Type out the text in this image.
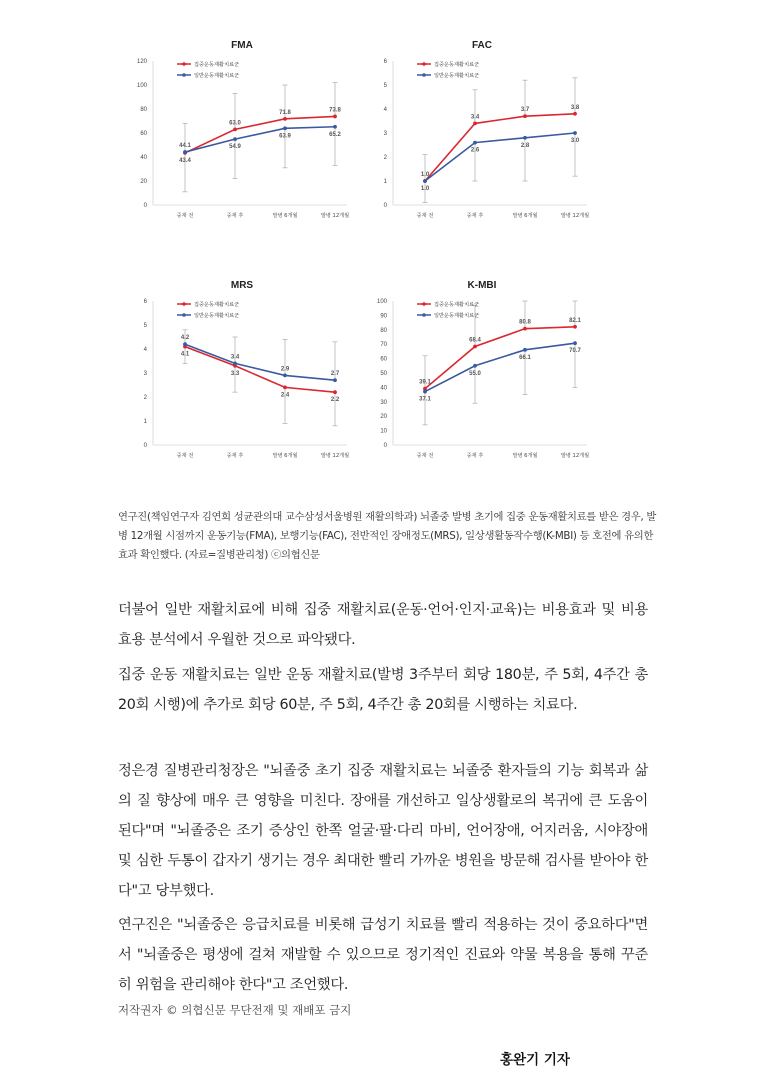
FMA
0
20
40
60
80
100
120
중재 전	중재 후	발병 6개월	발병 12개월
43.4
63.0
71.8	73.8
44.1	54.9
63.9	65.2
집중운동재활치료군
일반운동재활치료군
FAC
0
1
2
3
4
5
6
중재 전	중재 후	발병 6개월	발병 12개월
1.0
3.4
3.7	3.8
1.0
2.6
2.8
3.0
집중운동재활치료군
일반운동재활치료군
MRS
0
1
2
3
4
5
6
중재 전	중재 후	발병 6개월	발병 12개월
4.1
3.3
2.4
2.2
4.2
3.4
2.9
2.7
집중운동재활치료군
일반운동재활치료군
K-MBI
0
10
20
30
40
50
60
70
80
90
100
중재 전	중재 후	발병 6개월	발병 12개월
39.1
68.4
80.8	82.1
37.1
55.0
66.1
70.7
집중운동재활치료군
일반운동재활치료군
연구진(책임연구자 김연희 성균관의대 교수삼성서울병원 재활의학과) 뇌졸중 발병 초기에 집중 운동재활치료를 받은 경우, 발병 12개월 시점까지 운동기능(FMA), 보행기능(FAC), 전반적인 장애정도(MRS), 일상생활동작수행(K-MBI) 등 호전에 유의한 효과 확인했다. (자료=질병관리청) ⓒ의협신문
더불어 일반 재활치료에 비해 집중 재활치료(운동·언어·인지·교육)는 비용효과 및 비용효용 분석에서 우월한 것으로 파악됐다.
집중 운동 재활치료는 일반 운동 재활치료(발병 3주부터 회당 180분, 주 5회, 4주간 총 20회 시행)에 추가로 회당 60분, 주 5회, 4주간 총 20회를 시행하는 치료다.
정은경 질병관리청장은 "뇌졸중 초기 집중 재활치료는 뇌졸중 환자들의 기능 회복과 삶의 질 향상에 매우 큰 영향을 미친다. 장애를 개선하고 일상생활로의 복귀에 큰 도움이 된다"며 "뇌졸중은 조기 증상인 한쪽 얼굴·팔·다리 마비, 언어장애, 어지러움, 시야장애 및 심한 두통이 갑자기 생기는 경우 최대한 빨리 가까운 병원을 방문해 검사를 받아야 한다"고 당부했다.
연구진은 "뇌졸중은 응급치료를 비롯해 급성기 치료를 빨리 적용하는 것이 중요하다"면서 "뇌졸중은 평생에 걸쳐 재발할 수 있으므로 정기적인 진료와 약물 복용을 통해 꾸준히 위험을 관리해야 한다"고 조언했다.
저작권자 © 의협신문 무단전재 및 재배포 금지
홍완기 기자
